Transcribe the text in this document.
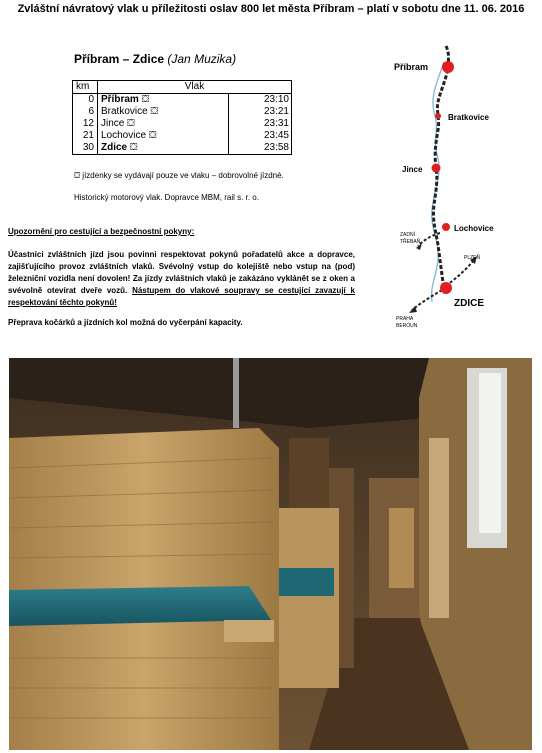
Zvláštní návratový vlak u příležitosti oslav 800 let města Příbram – platí v sobotu dne 11. 06. 2016
Příbram – Zdice (Jan Muzika)
km	Vlak	
0	Příbram ⛋	23:10
6	Bratkovice ⛋	23:21
12	Jince ⛋	23:31
21	Lochovice ⛋	23:45
30	Zdice ⛋	23:58
⛋ jízdenky se vydávají pouze ve vlaku – dobrovolné jízdné.
Historický motorový vlak. Dopravce MBM, rail s. r. o.
Upozornění pro cestující a bezpečnostní pokyny:
Účastníci zvláštních jízd jsou povinni respektovat pokynů pořadatelů akce a dopravce, zajišťujícího provoz zvláštních vlaků. Svévolný vstup do kolejiště nebo vstup na (pod) železniční vozidla není dovolen! Za jízdy zvláštních vlaků je zakázáno vyklánět se z oken a svévolně otevírat dveře vozů. Nástupem do vlakové soupravy se cestující zavazují k respektování těchto pokynů!
Přeprava kočárků a jízdních kol možná do vyčerpání kapacity.
Příbram
Bratkovice
Jince
Lochovice
ZDICE
ZADNÍ
TŘEBAŇ
PLZEŇ
PRAHA
BEROUN
